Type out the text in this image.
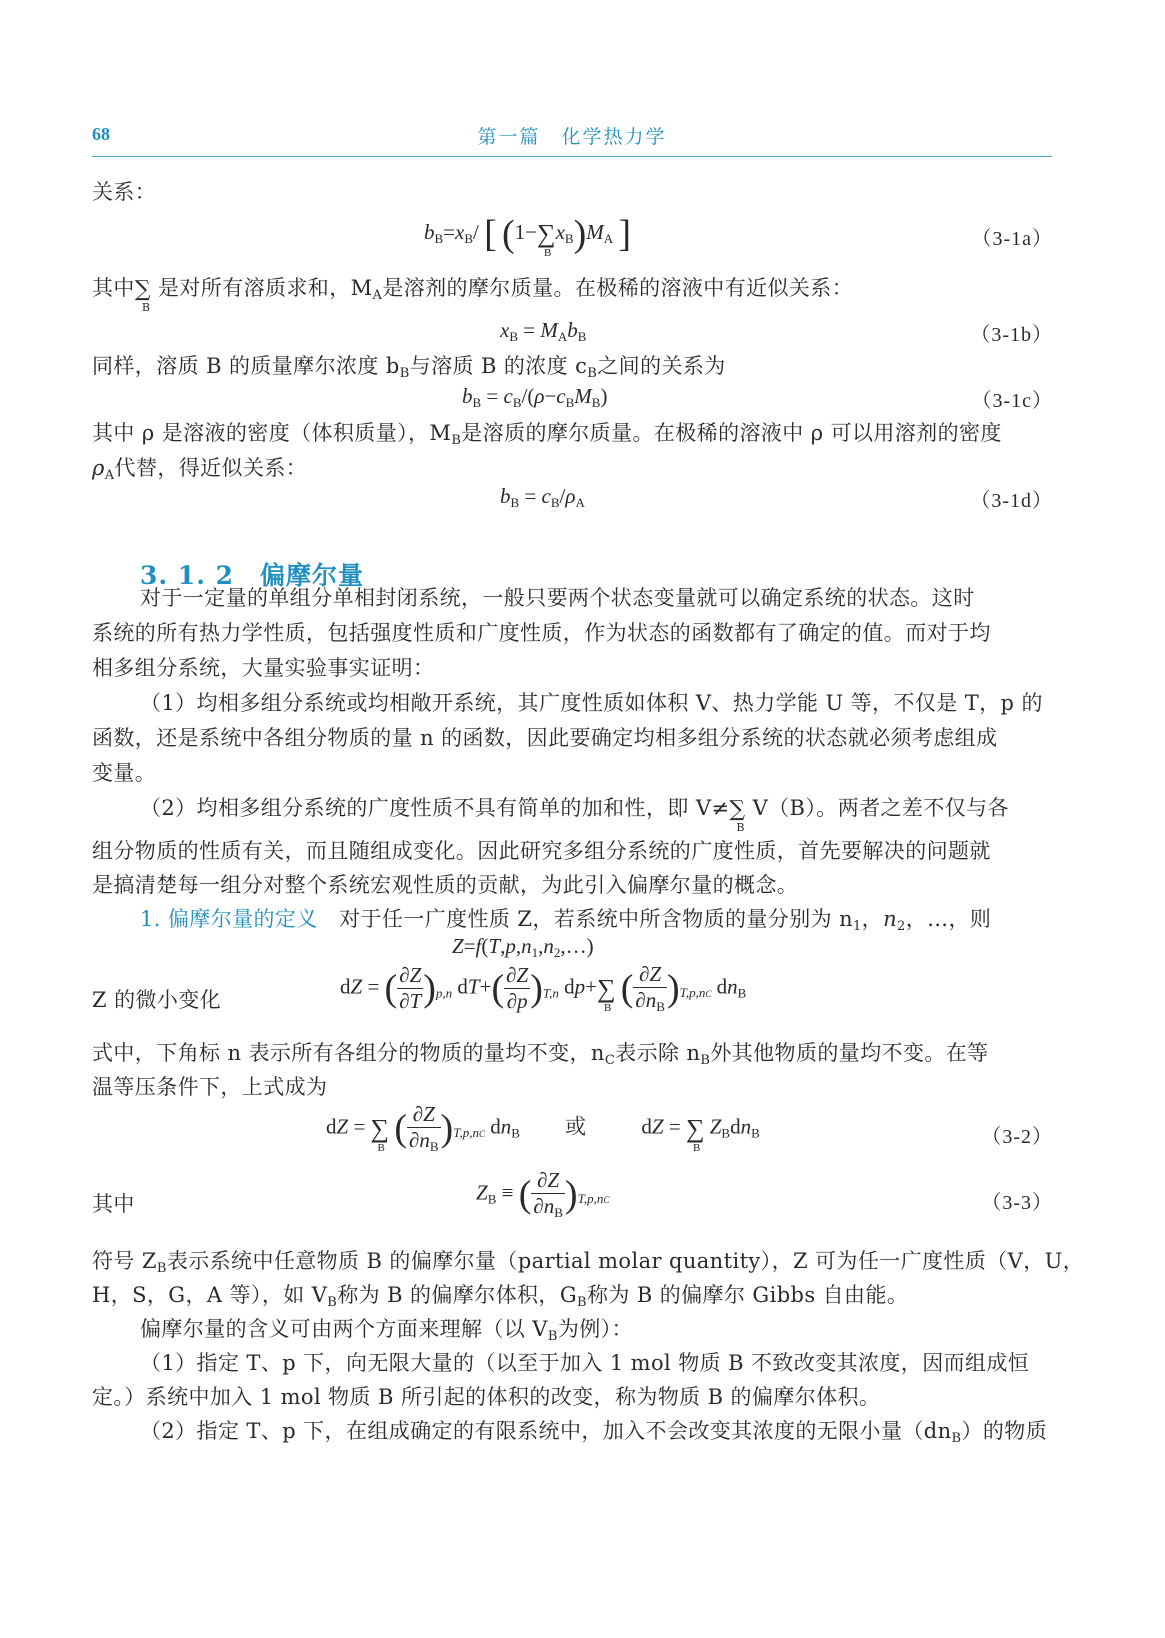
68	第一篇　化学热力学
关系：
$b_B=x_B/$ [ (1−∑
B
$x_B)M_A$ ]	（3-1a）
其中∑
B
是对所有溶质求和，$M_A$是溶剂的摩尔质量。在极稀的溶液中有近似关系：
$x_B = M_Ab_B$	（3-1b）
同样，溶质 B 的质量摩尔浓度 $b_B$与溶质 B 的浓度 $c_B$之间的关系为
$b_B = c_B/(\rho-c_BM_B)$	（3-1c）
其中 ρ 是溶液的密度（体积质量），$M_B$是溶质的摩尔质量。在极稀的溶液中 ρ 可以用溶剂的密度
$\rho_A$代替，得近似关系：
$b_B = c_B/\rho_A$	（3-1d）
3. 1. 2　偏摩尔量
对于一定量的单组分单相封闭系统，一般只要两个状态变量就可以确定系统的状态。这时
系统的所有热力学性质，包括强度性质和广度性质，作为状态的函数都有了确定的值。而对于均
相多组分系统，大量实验事实证明：
（1）均相多组分系统或均相敞开系统，其广度性质如体积 V、热力学能 U 等，不仅是 T，p 的
函数，还是系统中各组分物质的量 n 的函数，因此要确定均相多组分系统的状态就必须考虑组成
变量。
（2）均相多组分系统的广度性质不具有简单的加和性，即 V≠∑
B
V（B）。两者之差不仅与各
组分物质的性质有关，而且随组成变化。因此研究多组分系统的广度性质，首先要解决的问题就
是搞清楚每一组分对整个系统宏观性质的贡献，为此引入偏摩尔量的概念。
1. 偏摩尔量的定义　 对于任一广度性质 Z，若系统中所含物质的量分别为 $n_1$，$n_2$，…，则
$Z=f(T,p,n_1,n_2,\dots)$
Z 的微小变化
dZ = ( $\frac{\partial Z}{\partial T} )_{p,n}$ $dT+( \frac{\partial Z}{\partial p} )_{T,n}$ dp+∑
B ( $\frac{\partial Z}{\partial n_B} )_{T,p,nC}$ $dn_B$
式中，下角标 n 表示所有各组分的物质的量均不变，$n_C$表示除 $n_B$外其他物质的量均不变。在等
温等压条件下，上式成为
dZ = ∑
B ( $\frac{\partial Z}{\partial n_B} )_{T,p,nC}$ $dn_B$ 或 dZ = ∑
B
$Z_Bdn_B$	（3-2）
其中	$Z_B$ ≡ ( $\frac{\partial Z}{\partial n_B} )_{T,p,nC}$	（3-3）
符号 $Z_B$表示系统中任意物质 B 的偏摩尔量（partial molar quantity），Z 可为任一广度性质（V，U，
H，S，G，A 等），如 $V_B$称为 B 的偏摩尔体积，$G_B$称为 B 的偏摩尔 Gibbs 自由能。
偏摩尔量的含义可由两个方面来理解（以 $V_B$为例）：
（1）指定 T、p 下，向无限大量的（以至于加入 1 mol 物质 B 不致改变其浓度，因而组成恒
定。）系统中加入 1 mol 物质 B 所引起的体积的改变，称为物质 B 的偏摩尔体积。
（2）指定 T、p 下，在组成确定的有限系统中，加入不会改变其浓度的无限小量$(dn_B)$的物质
